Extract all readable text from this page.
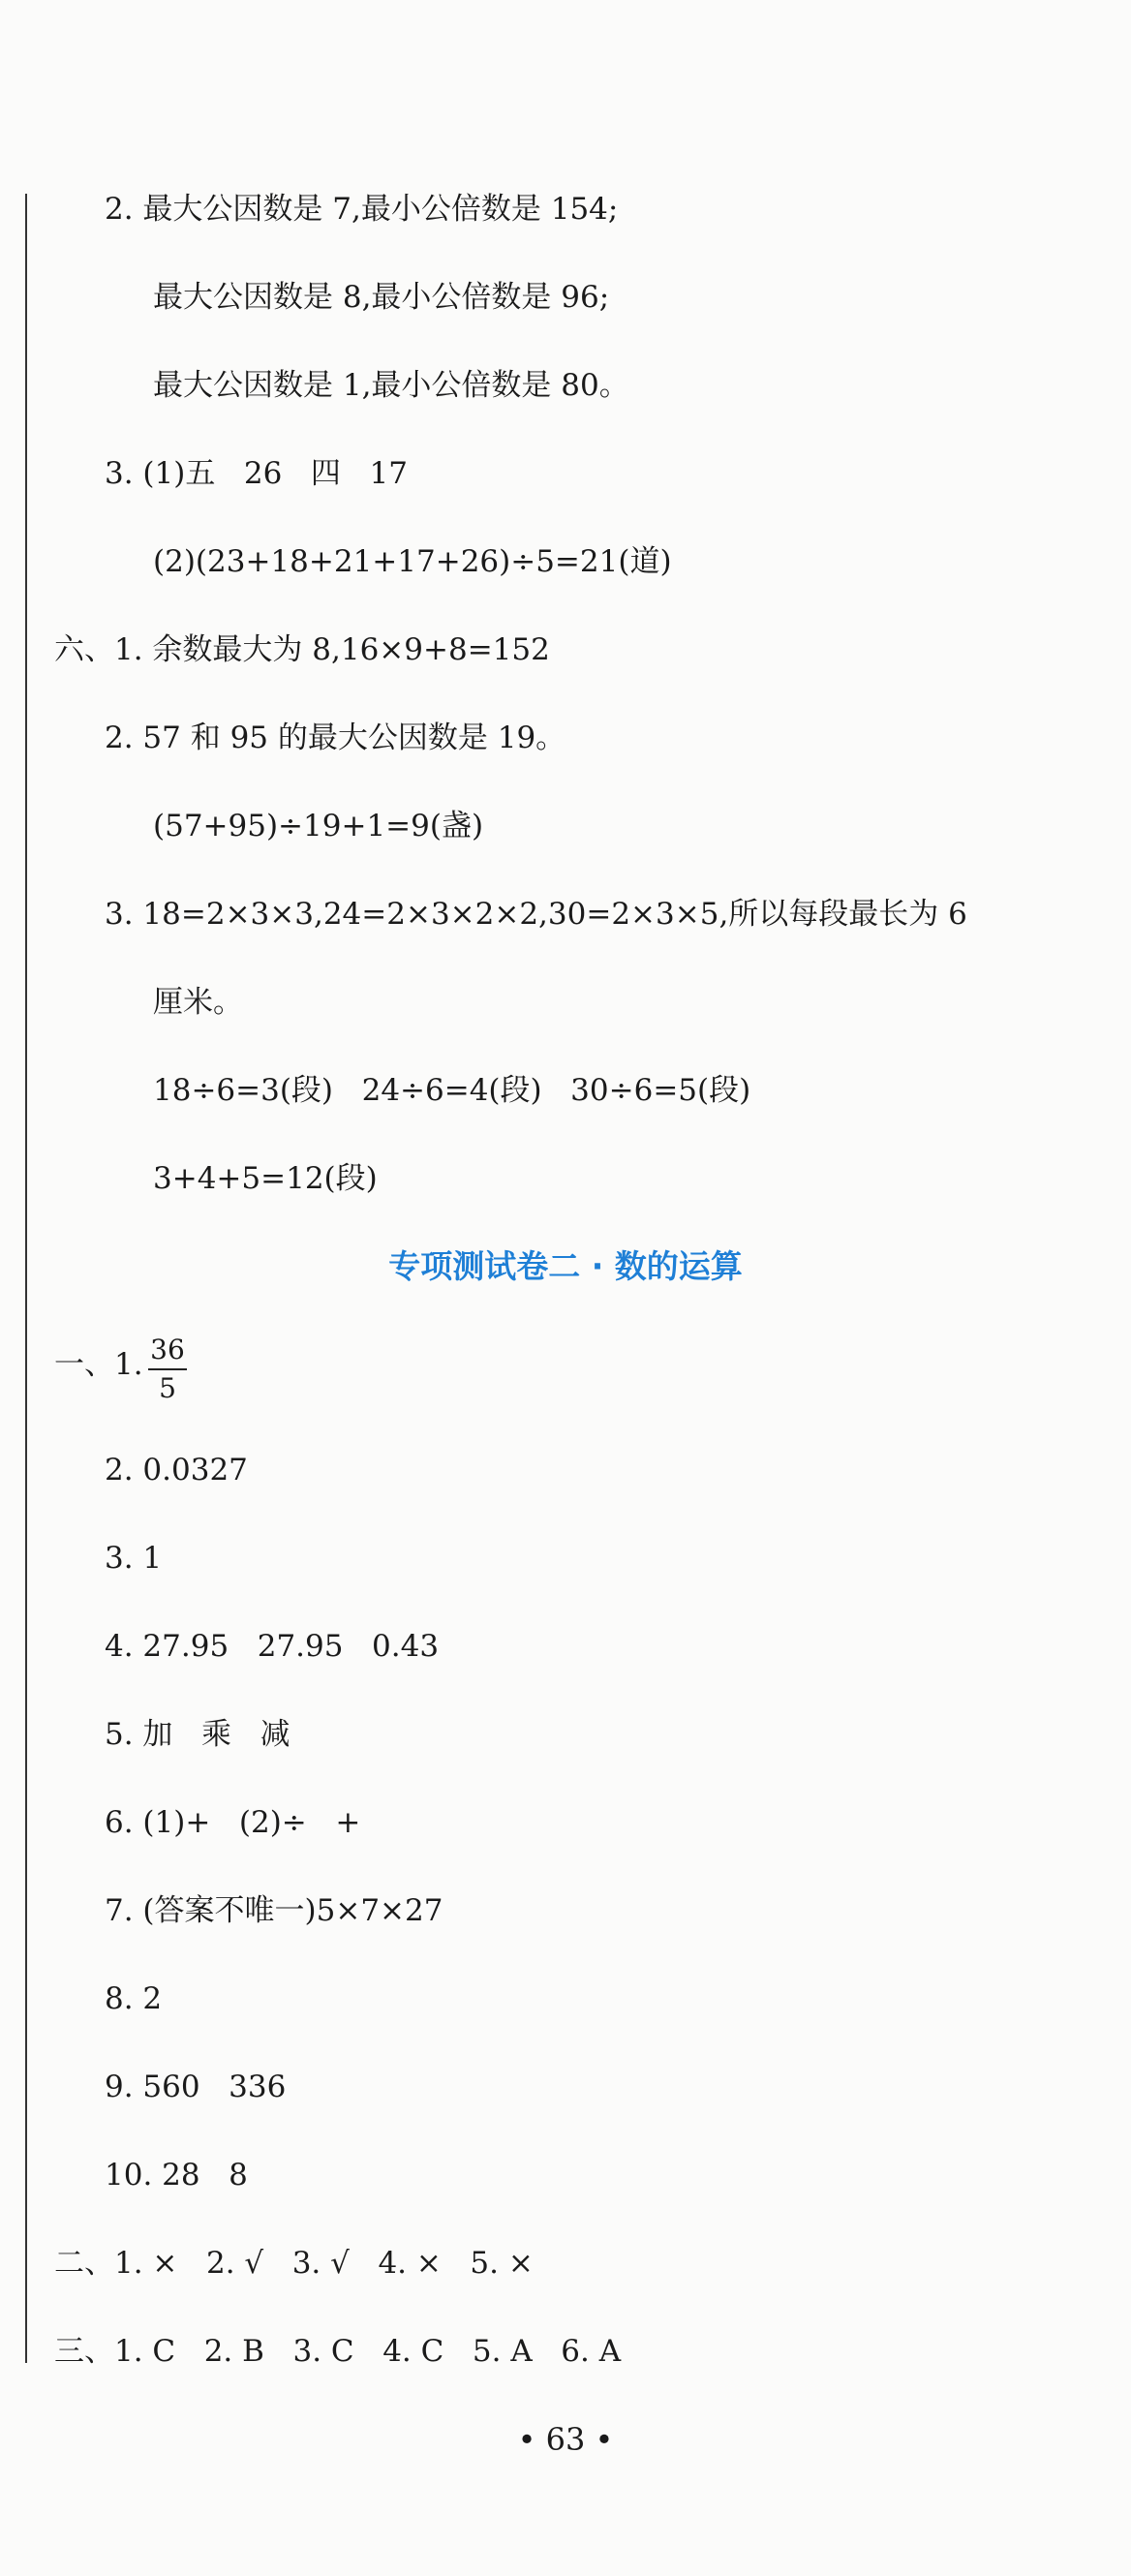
2. 最大公因数是 7,最小公倍数是 154;
最大公因数是 8,最小公倍数是 96;
最大公因数是 1,最小公倍数是 80。
3. (1)五   26   四   17
(2)(23+18+21+17+26)÷5=21(道)
六、1. 余数最大为 8,16×9+8=152
2. 57 和 95 的最大公因数是 19。
(57+95)÷19+1=9(盏)
3. 18=2×3×3,24=2×3×2×2,30=2×3×5,所以每段最长为 6
厘米。
18÷6=3(段)   24÷6=4(段)   30÷6=5(段)
3+4+5=12(段)
专项测试卷二 · 数的运算
一、1. 36
5
2. 0.0327
3. 1
4. 27.95   27.95   0.43
5. 加   乘   减
6. (1)+   (2)÷   +
7. (答案不唯一)5×7×27
8. 2
9. 560   336
10. 28   8
二、1. ×   2. √   3. √   4. ×   5. ×
三、1. C   2. B   3. C   4. C   5. A   6. A
• 63 •
